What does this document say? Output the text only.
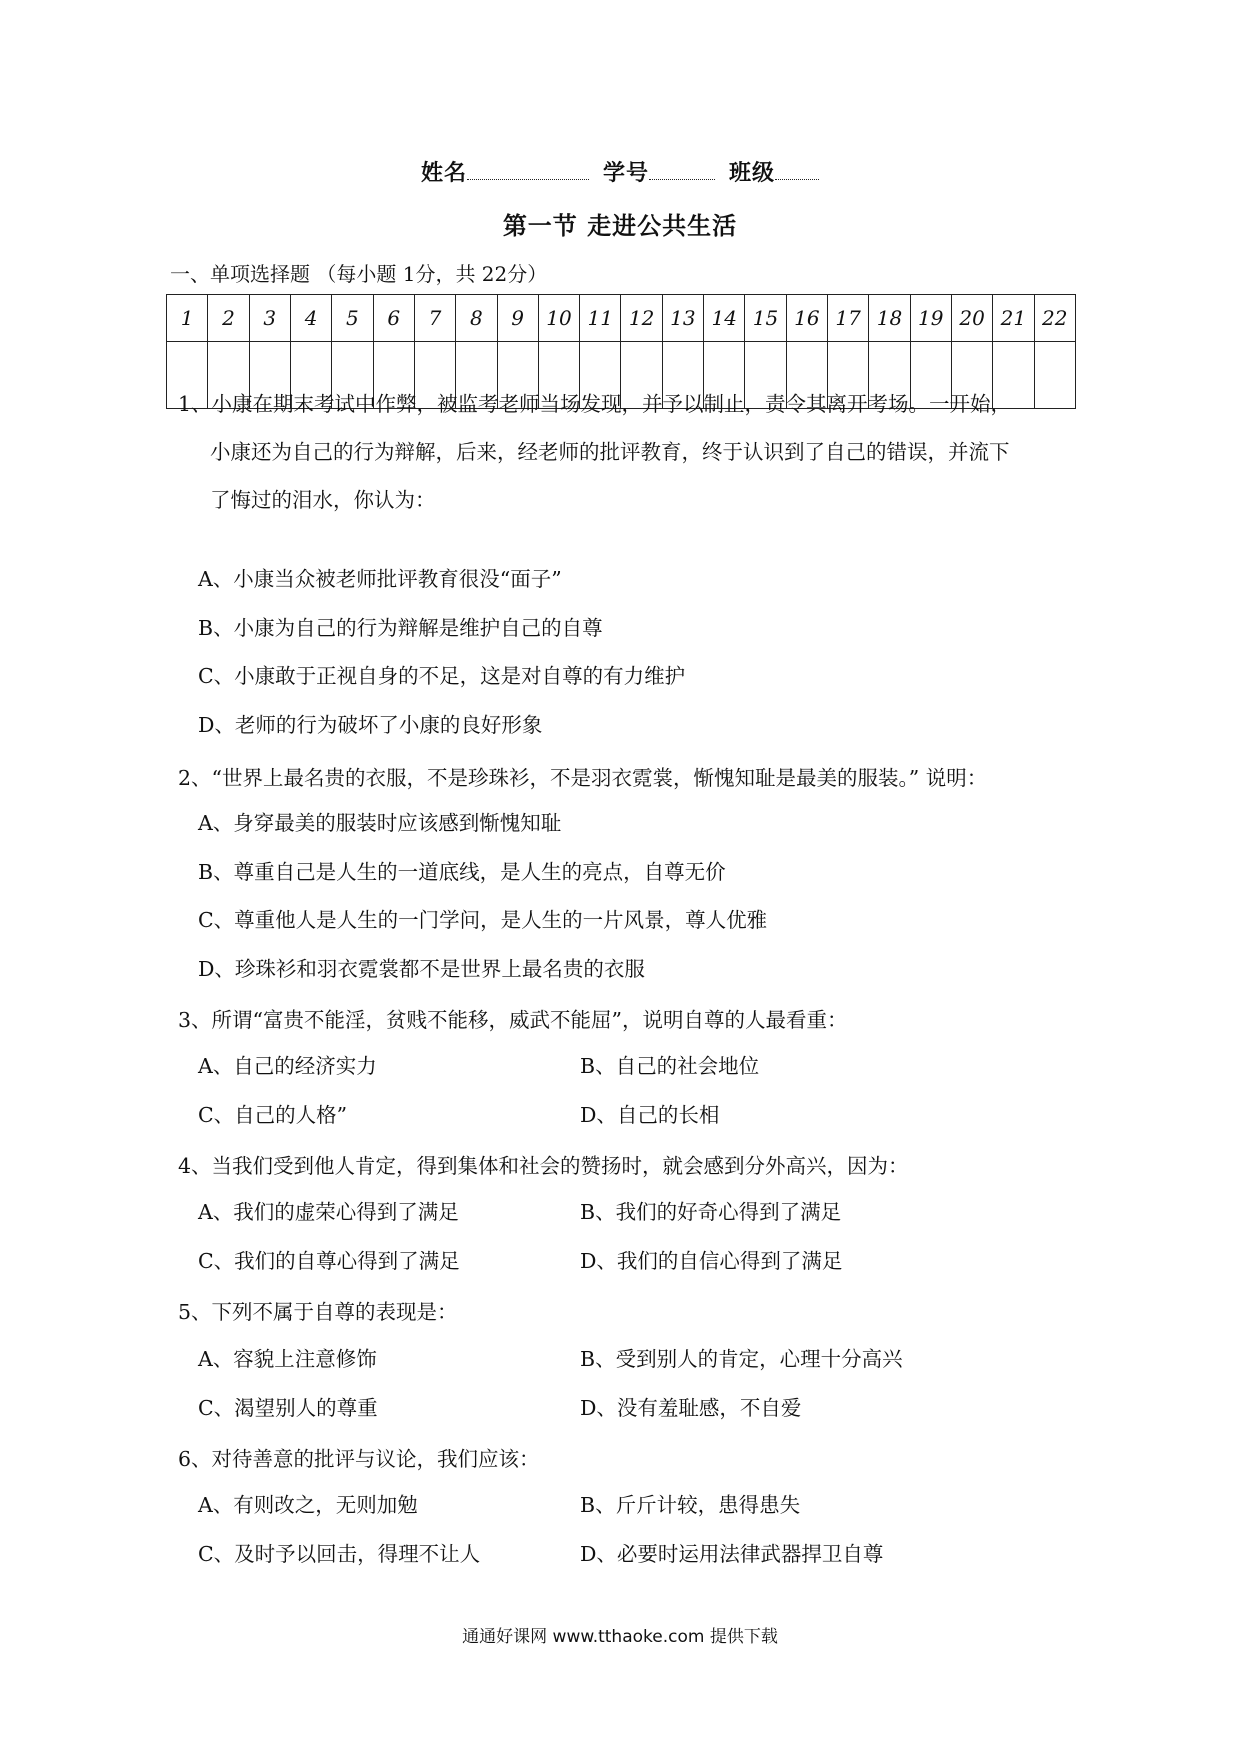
姓名	学号	班级
第一节 走进公共生活
一、单项选择题 （每小题 1分，共 22分）
1	2	3	4	5	6	7	8	9	10	11	12	13	14	15	16	17	18	19	20	21	22

1、小康在期末考试中作弊，被监考老师当场发现，并予以制止，责令其离开考场。一开始，
小康还为自己的行为辩解，后来，经老师的批评教育，终于认识到了自己的错误，并流下
了悔过的泪水，你认为：
A、小康当众被老师批评教育很没“面子”
B、小康为自己的行为辩解是维护自己的自尊
C、小康敢于正视自身的不足，这是对自尊的有力维护
D、老师的行为破坏了小康的良好形象
2、“世界上最名贵的衣服，不是珍珠衫，不是羽衣霓裳，惭愧知耻是最美的服装。” 说明：
A、身穿最美的服装时应该感到惭愧知耻
B、尊重自己是人生的一道底线，是人生的亮点，自尊无价
C、尊重他人是人生的一门学问，是人生的一片风景，尊人优雅
D、珍珠衫和羽衣霓裳都不是世界上最名贵的衣服
3、所谓“富贵不能淫，贫贱不能移，威武不能屈”，说明自尊的人最看重：
A、自己的经济实力	B、自己的社会地位
C、自己的人格”	D、自己的长相
4、当我们受到他人肯定，得到集体和社会的赞扬时，就会感到分外高兴，因为：
A、我们的虚荣心得到了满足	B、我们的好奇心得到了满足
C、我们的自尊心得到了满足	D、我们的自信心得到了满足
5、下列不属于自尊的表现是：
A、容貌上注意修饰	B、受到别人的肯定，心理十分高兴
C、渴望别人的尊重	D、没有羞耻感，不自爱
6、对待善意的批评与议论，我们应该：
A、有则改之，无则加勉	B、斤斤计较，患得患失
C、及时予以回击，得理不让人	D、必要时运用法律武器捍卫自尊
通通好课网 www.tthaoke.com 提供下载
